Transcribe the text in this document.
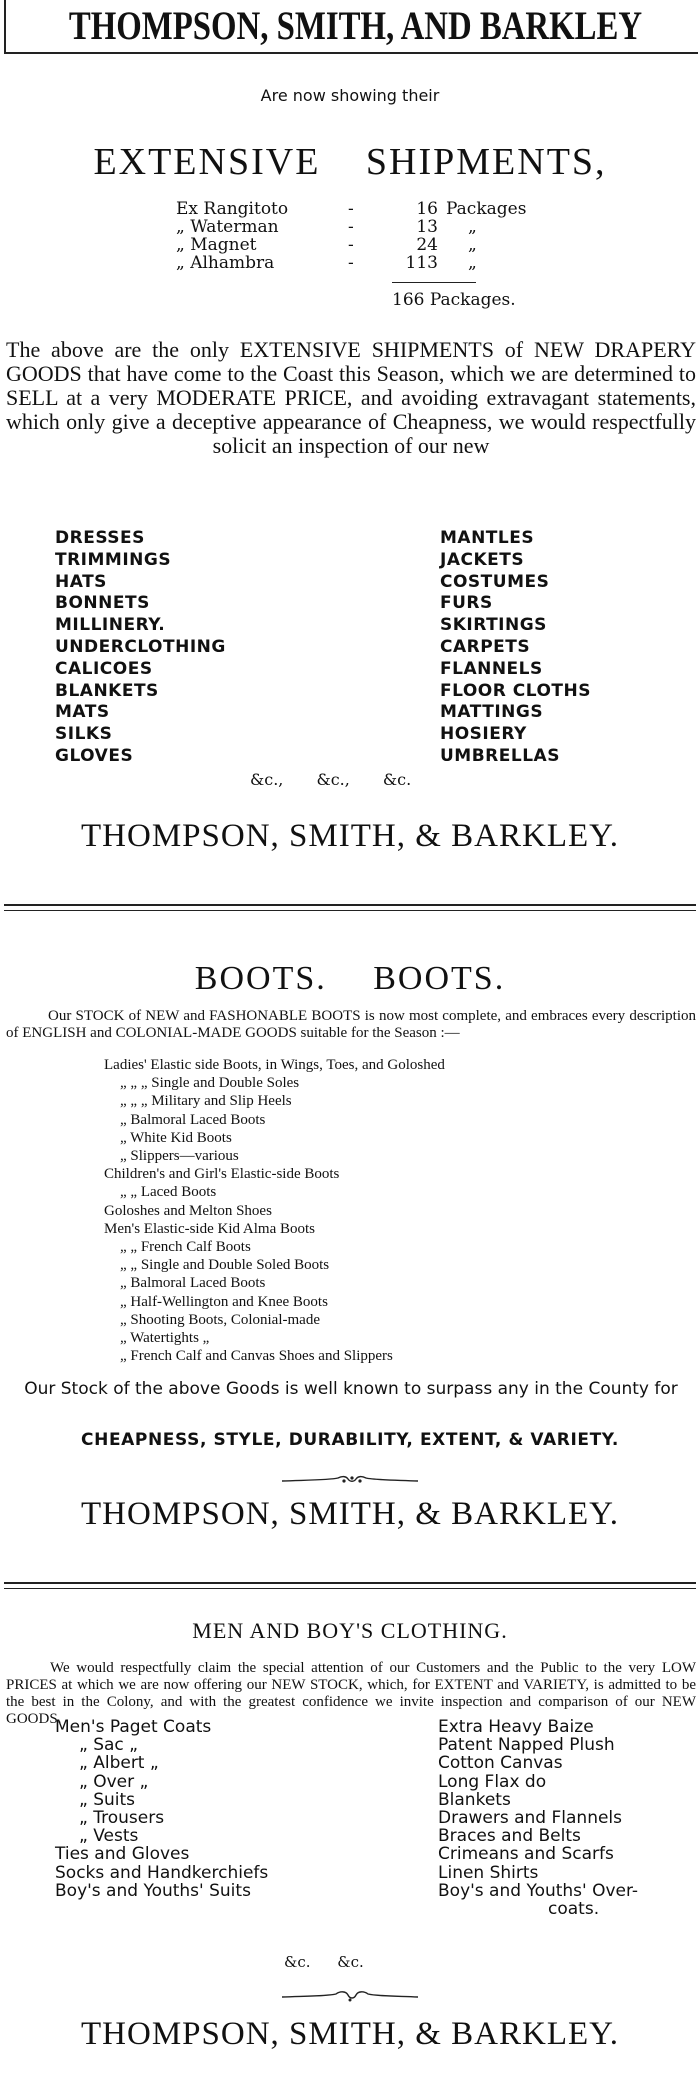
THOMPSON, SMITH, AND BARKLEY
Are now showing their
EXTENSIVE SHIPMENTS,
Ex Rangitoto	-	16 Packages
„ Waterman	-	13	„
„ Magnet	-	24	„
„ Alhambra	-	113	„
166 Packages.
The above are the only EXTENSIVE SHIPMENTS of NEW DRAPERY GOODS that have come to the Coast this Season, which we are determined to SELL at a very MODERATE PRICE, and avoiding extravagant statements, which only give a deceptive appearance of Cheapness, we would respectfully solicit an inspection of our new
DRESSES
TRIMMINGS
HATS
BONNETS
MILLINERY.
UNDERCLOTHING
CALICOES
BLANKETS
MATS
SILKS
GLOVES
MANTLES
JACKETS
COSTUMES
FURS
SKIRTINGS
CARPETS
FLANNELS
FLOOR CLOTHS
MATTINGS
HOSIERY
UMBRELLAS
&c., &c., &c.
THOMPSON, SMITH, & BARKLEY.
BOOTS. BOOTS.
Our STOCK of NEW and FASHONABLE BOOTS is now most complete, and embraces every description of ENGLISH and COLONIAL-MADE GOODS suitable for the Season :—
Ladies' Elastic side Boots, in Wings, Toes, and Goloshed
„ „ „ Single and Double Soles
„ „ „ Military and Slip Heels
„ Balmoral Laced Boots
„ White Kid Boots
„ Slippers—various
Children's and Girl's Elastic-side Boots
„ „ Laced Boots
Goloshes and Melton Shoes
Men's Elastic-side Kid Alma Boots
„ „ French Calf Boots
„ „ Single and Double Soled Boots
„ Balmoral Laced Boots
„ Half-Wellington and Knee Boots
„ Shooting Boots, Colonial-made
„ Watertights „
„ French Calf and Canvas Shoes and Slippers
Our Stock of the above Goods is well known to surpass any in the County for
CHEAPNESS, STYLE, DURABILITY, EXTENT, & VARIETY.
THOMPSON, SMITH, & BARKLEY.
MEN AND BOY'S CLOTHING.
We would respectfully claim the special attention of our Customers and the Public to the very LOW PRICES at which we are now offering our NEW STOCK, which, for EXTENT and VARIETY, is admitted to be the best in the Colony, and with the greatest confidence we invite inspection and comparison of our NEW GOODS.
Men's Paget Coats
„ Sac „
„ Albert „
„ Over „
„ Suits
„ Trousers
„ Vests
Ties and Gloves
Socks and Handkerchiefs
Boy's and Youths' Suits
Extra Heavy Baize
Patent Napped Plush
Cotton Canvas
Long Flax do
Blankets
Drawers and Flannels
Braces and Belts
Crimeans and Scarfs
Linen Shirts
Boy's and Youths' Over-
coats.
&c. &c.
THOMPSON, SMITH, & BARKLEY.
